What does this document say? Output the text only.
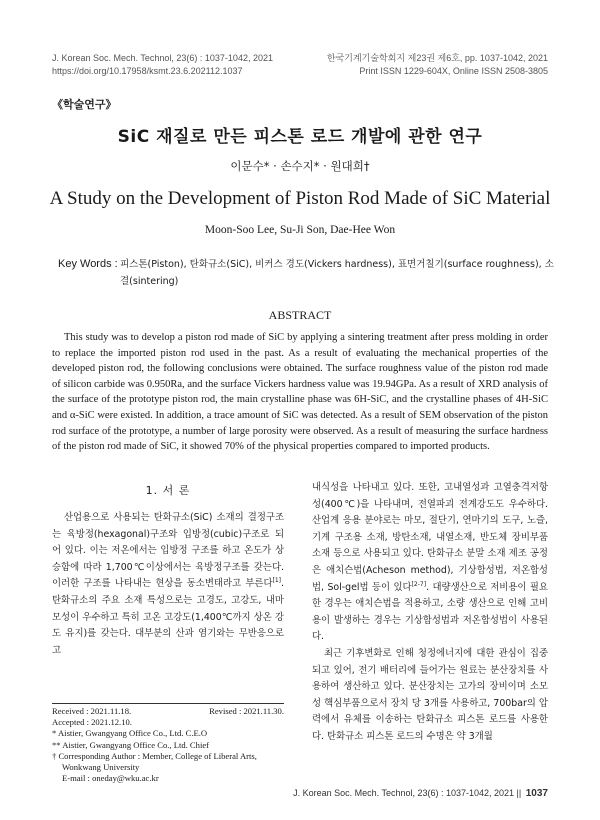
J. Korean Soc. Mech. Technol, 23(6) : 1037-1042, 2021
https://doi.org/10.17958/ksmt.23.6.202112.1037
한국기계기술학회지 제23권 제6호, pp. 1037-1042, 2021
Print ISSN 1229-604X, Online ISSN 2508-3805
《학술연구》
SiC 재질로 만든 피스톤 로드 개발에 관한 연구
이문수* · 손수지* · 원대희†
A Study on the Development of Piston Rod Made of SiC Material
Moon-Soo Lee, Su-Ji Son, Dae-Hee Won
Key Words : 피스톤(Piston), 탄화규소(SiC), 비커스 경도(Vickers hardness), 표면거칠기(surface roughness), 소결(sintering)
ABSTRACT

This study was to develop a piston rod made of SiC by applying a sintering treatment after press molding in order to replace the imported piston rod used in the past. As a result of evaluating the mechanical properties of the developed piston rod, the following conclusions were obtained. The surface roughness value of the piston rod made of silicon carbide was 0.950Ra, and the surface Vickers hardness value was 19.94GPa. As a result of XRD analysis of the surface of the prototype piston rod, the main crystalline phase was 6H-SiC, and the crystalline phases of 4H-SiC and α-SiC were existed. In addition, a trace amount of SiC was detected. As a result of SEM observation of the piston rod surface of the prototype, a number of large porosity were observed. As a result of measuring the surface hardness of the piston rod made of SiC, it showed 70% of the physical properties compared to imported products.

1. 서 론

산업용으로 사용되는 탄화규소(SiC) 소재의 결정구조는 육방정(hexagonal)구조와 입방정(cubic)구조로 되어 있다. 이는 저온에서는 입방정 구조를 하고 온도가 상승함에 따라 1,700℃이상에서는 육방정구조를 갖는다. 이러한 구조를 나타내는 현상을 동소변태라고 부른다[1]. 탄화규소의 주요 소재 특성으로는 고경도, 고강도, 내마모성이 우수하고 특히 고온 고강도(1,400℃까지 상온 강도 유지)를 갖는다. 대부분의 산과 염기와는 무반응으로 고

내식성을 나타내고 있다. 또한, 고내열성과 고열충격저항성(400℃)을 나타내며, 전열파괴 전계강도도 우수하다. 산업계 응용 분야로는 마모, 절단기, 연마기의 도구, 노즐, 기계 구조용 소재, 방탄소재, 내열소재, 반도체 장비부품 소재 등으로 사용되고 있다. 탄화규소 분말 소재 제조 공정은 애치슨법(Acheson method), 기상합성법, 저온합성법, Sol-gel법 등이 있다[2-7]. 대량생산으로 저비용이 필요한 경우는 애치슨법을 적용하고, 소량 생산으로 인해 고비용이 발생하는 경우는 기상합성법과 저온합성법이 사용된다.

최근 기후변화로 인해 청정에너지에 대한 관심이 집중되고 있어, 전기 배터리에 들어가는 원료는 분산장치를 사용하여 생산하고 있다. 분산장치는 고가의 장비이며 소모성 핵심부품으로서 장치 당 3개를 사용하고, 700bar의 압력에서 유체를 이송하는 탄화규소 피스톤 로드를 사용한다. 탄화규소 피스톤 로드의 수명은 약 3개월

Received : 2021.11.18.	Revised : 2021.11.30.
Accepted : 2021.12.10.
* Aistier, Gwangyang Office Co., Ltd. C.E.O
** Aistier, Gwangyang Office Co., Ltd. Chief
† Corresponding Author : Member, College of Liberal Arts,
Wonkwang University
E-mail : oneday@wku.ac.kr
J. Korean Soc. Mech. Technol, 23(6) : 1037-1042, 2021 || 1037
